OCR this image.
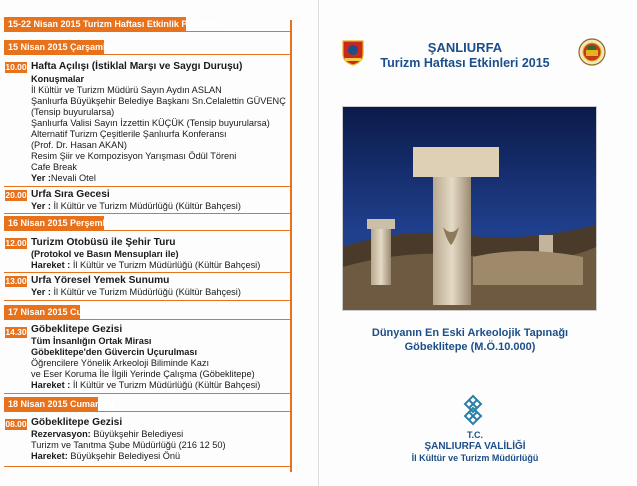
15-22 Nisan 2015 Turizm Haftası Etkinlik Programı
15 Nisan 2015 Çarşamba
10.00 Hafta Açılışı (İstiklal Marşı ve Saygı Duruşu)
Konuşmalar
İl Kültür ve Turizm Müdürü Sayın Aydın ASLAN
Şanlıurfa Büyükşehir Belediye Başkanı Sn.Celalettin GÜVENÇ
(Tensip buyurularsa)
Şanlıurfa Valisi Sayın İzzettin KÜÇÜK (Tensip buyurularsa)
Alternatif Turizm Çeşitlerile Şanlıurfa Konferansı
(Prof. Dr. Hasan AKAN)
Resim Şiir ve Kompozisyon Yarışması Ödül Töreni
Cafe Break
Yer :Nevali Otel
20.00 Urfa Sıra Gecesi
Yer : İl Kültür ve Turizm Müdürlüğü (Kültür Bahçesi)
16 Nisan 2015 Perşembe
12.00 Turizm Otobüsü ile Şehir Turu
(Protokol ve Basın Mensupları ile)
Hareket : İl Kültür ve Turizm Müdürlüğü (Kültür Bahçesi)
13.00 Urfa Yöresel Yemek Sunumu
Yer : İl Kültür ve Turizm Müdürlüğü (Kültür Bahçesi)
17 Nisan 2015 Cuma
14.30 Göbeklitepe Gezisi
Tüm İnsanlığın Ortak Mirası
Göbeklitepe'den Güvercin Uçurulması
Öğrencilere Yönelik Arkeoloji Biliminde Kazı
ve Eser Koruma İle İlgili Yerinde Çalışma (Göbeklitepe)
Hareket : İl Kültür ve Turizm Müdürlüğü (Kültür Bahçesi)
18 Nisan 2015 Cumartesi
08.00 Göbeklitepe Gezisi
Rezervasyon: Büyükşehir Belediyesi
Turizm ve Tanıtma Şube Müdürlüğü (216 12 50)
Hareket: Büyükşehir Belediyesi Önü
ŞANLIURFA
Turizm Haftası Etkinleri 2015
Dünyanın En Eski Arkeolojik Tapınağı
Göbeklitepe (M.Ö.10.000)
T.C.
ŞANLIURFA VALİLİĞİ
İl Kültür ve Turizm Müdürlüğü
